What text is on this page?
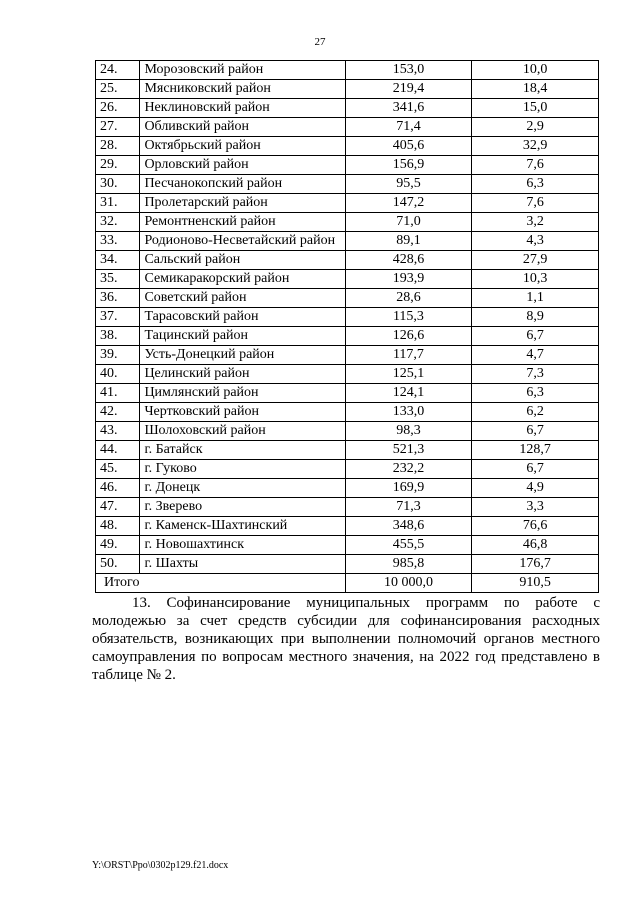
27
24.	Морозовский район	153,0	10,0
25.	Мясниковский район	219,4	18,4
26.	Неклиновский район	341,6	15,0
27.	Обливский район	71,4	2,9
28.	Октябрьский район	405,6	32,9
29.	Орловский район	156,9	7,6
30.	Песчанокопский район	95,5	6,3
31.	Пролетарский район	147,2	7,6
32.	Ремонтненский район	71,0	3,2
33.	Родионово-Несветайский район	89,1	4,3
34.	Сальский район	428,6	27,9
35.	Семикаракорский район	193,9	10,3
36.	Советский район	28,6	1,1
37.	Тарасовский район	115,3	8,9
38.	Тацинский район	126,6	6,7
39.	Усть-Донецкий район	117,7	4,7
40.	Целинский район	125,1	7,3
41.	Цимлянский район	124,1	6,3
42.	Чертковский район	133,0	6,2
43.	Шолоховский район	98,3	6,7
44.	г. Батайск	521,3	128,7
45.	г. Гуково	232,2	6,7
46.	г. Донецк	169,9	4,9
47.	г. Зверево	71,3	3,3
48.	г. Каменск-Шахтинский	348,6	76,6
49.	г. Новошахтинск	455,5	46,8
50.	г. Шахты	985,8	176,7
Итого		10 000,0	910,5

13. Софинансирование муниципальных программ по работе с молодежью за счет средств субсидии для софинансирования расходных обязательств, возникающих при выполнении полномочий органов местного самоуправления по вопросам местного значения, на 2022 год представлено в таблице № 2.

Y:\ORST\Ppo\0302p129.f21.docx
